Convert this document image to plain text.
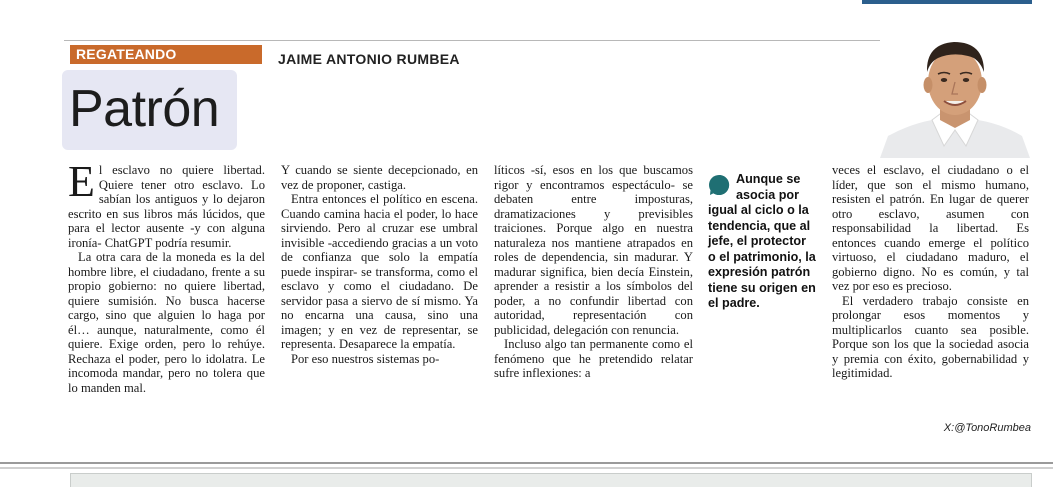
REGATEANDO	JAIME ANTONIO RUMBEA
Patrón

El esclavo no quiere libertad. Quiere tener otro esclavo. Lo sabían los antiguos y lo dejaron escrito en sus libros más lúcidos, que para el lector ausente -y con alguna ironía- ChatGPT podría resumir.

La otra cara de la moneda es la del hombre libre, el ciudadano, frente a su propio gobierno: no quiere libertad, quiere sumisión. No busca hacerse cargo, sino que alguien lo haga por él… aunque, naturalmente, como él quiere. Exige orden, pero lo rehúye. Rechaza el poder, pero lo idolatra. Le incomoda mandar, pero no tolera que lo manden mal.

Y cuando se siente decepcionado, en vez de proponer, castiga.

Entra entonces el político en escena. Cuando camina hacia el poder, lo hace sirviendo. Pero al cruzar ese umbral invisible -accediendo gracias a un voto de confianza que solo la empatía puede inspirar- se transforma, como el esclavo y como el ciudadano. De servidor pasa a siervo de sí mismo. Ya no encarna una causa, sino una imagen; y en vez de representar, se representa. Desaparece la empatía.

Por eso nuestros sistemas po-

líticos -sí, esos en los que buscamos rigor y encontramos espectáculo- se debaten entre imposturas, dramatizaciones y previsibles traiciones. Porque algo en nuestra naturaleza nos mantiene atrapados en roles de dependencia, sin madurar. Y madurar significa, bien decía Einstein, aprender a resistir a los símbolos del poder, a no confundir libertad con autoridad, representación con publicidad, delegación con renuncia.

Incluso algo tan permanente como el fenómeno que he pretendido relatar sufre inflexiones: a

Aunque se asocia por igual al ciclo o la tendencia, que al jefe, el protector o el patrimonio, la expresión patrón tiene su origen en el padre.

veces el esclavo, el ciudadano o el líder, que son el mismo humano, resisten el patrón. En lugar de querer otro esclavo, asumen con responsabilidad la libertad. Es entonces cuando emerge el político virtuoso, el ciudadano maduro, el gobierno digno. No es común, y tal vez por eso es precioso.

El verdadero trabajo consiste en prolongar esos momentos y multiplicarlos cuanto sea posible. Porque son los que la sociedad asocia y premia con éxito, gobernabilidad y legitimidad.

X:@TonoRumbea
